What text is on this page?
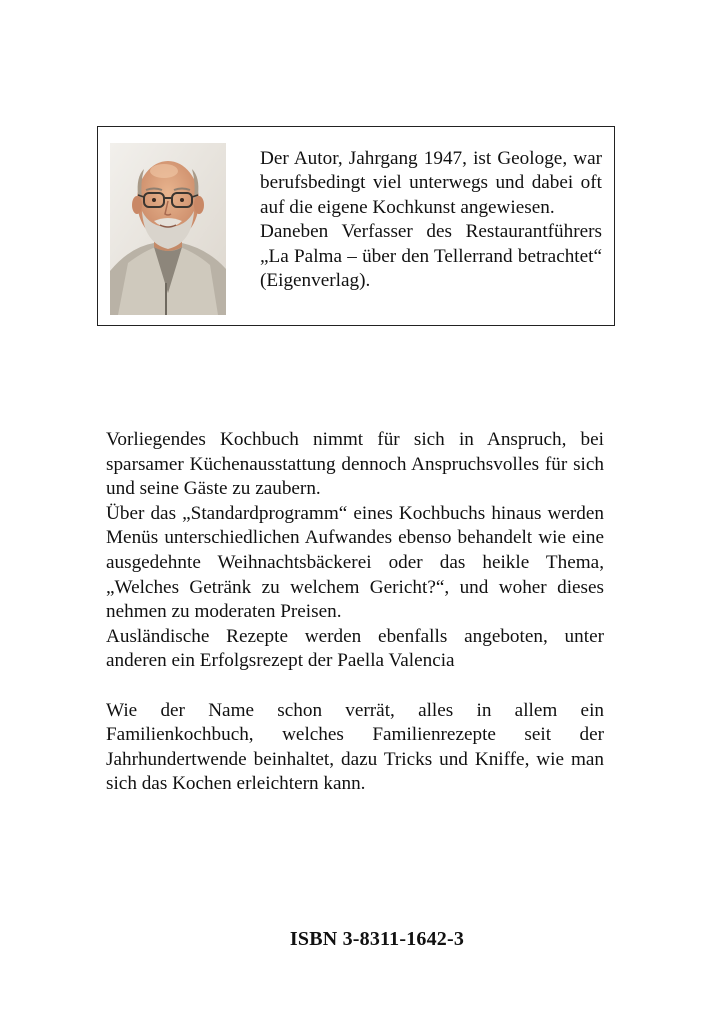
Der Autor, Jahrgang 1947, ist Geologe, war berufsbedingt viel unterwegs und dabei oft auf die eigene Kochkunst angewiesen.

Daneben Verfasser des Restaurantführers „La Palma – über den Tellerrand betrachtet“ (Eigenverlag).

Vorliegendes Kochbuch nimmt für sich in Anspruch, bei sparsamer Küchenausstattung dennoch Anspruchsvolles für sich und seine Gäste zu zaubern.

Über das „Standardprogramm“ eines Kochbuchs hinaus werden Menüs unterschiedlichen Aufwandes ebenso behandelt wie eine ausgedehnte Weihnachtsbäckerei oder das heikle Thema, „Welches Getränk zu welchem Gericht?“, und woher dieses nehmen zu moderaten Preisen.

Ausländische Rezepte werden ebenfalls angeboten, unter anderen ein Erfolgsrezept der Paella Valencia

Wie der Name schon verrät, alles in allem ein Familienkochbuch, welches Familienrezepte seit der Jahrhundertwende beinhaltet, dazu Tricks und Kniffe, wie man sich das Kochen erleichtern kann.

ISBN 3-8311-1642-3
